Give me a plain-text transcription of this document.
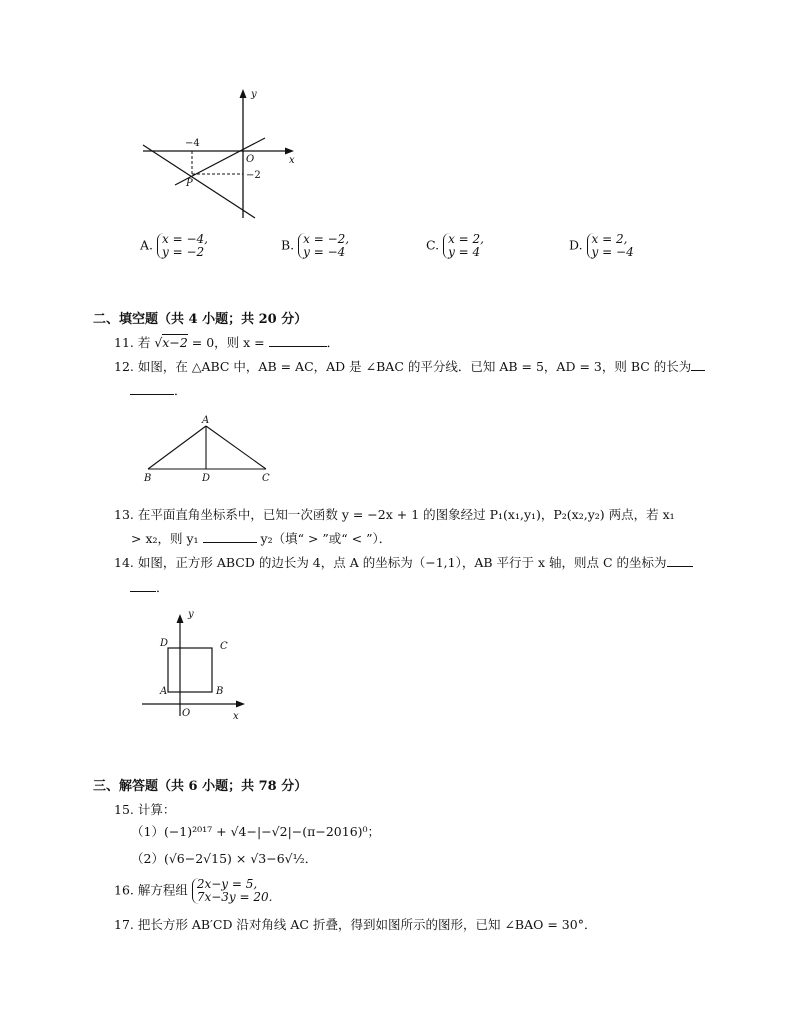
y
x
O
−4
−2
P
A. x = −4,
y = −2	B. x = −2,
y = −4	C. x = 2,
y = 4	D. x = 2,
y = −4
二、填空题（共 4 小题；共 20 分）
11. 若 √x−2 = 0，则 x =	．
12. 如图，在 △ABC 中，AB = AC，AD 是 ∠BAC 的平分线．已知 AB = 5，AD = 3，则 BC 的长为
．
A
B	D	C
13. 在平面直角坐标系中，已知一次函数 y = −2x + 1 的图象经过 P₁(x₁,y₁)，P₂(x₂,y₂) 两点，若 x₁
> x₂，则 y₁	y₂（填“ > ”或“ < ”）．
14. 如图，正方形 ABCD 的边长为 4，点 A 的坐标为（−1,1），AB 平行于 x 轴，则点 C 的坐标为
．
y
x
O
A	B
C
D
三、解答题（共 6 小题；共 78 分）
15. 计算：
（1）(−1)²⁰¹⁷ + √4−|−√2|−(π−2016)⁰；
（2）(√6−2√15) × √3−6√½．
16. 解方程组 2x−y = 5,
7x−3y = 20.
17. 把长方形 AB′CD 沿对角线 AC 折叠，得到如图所示的图形，已知 ∠BAO = 30°．
